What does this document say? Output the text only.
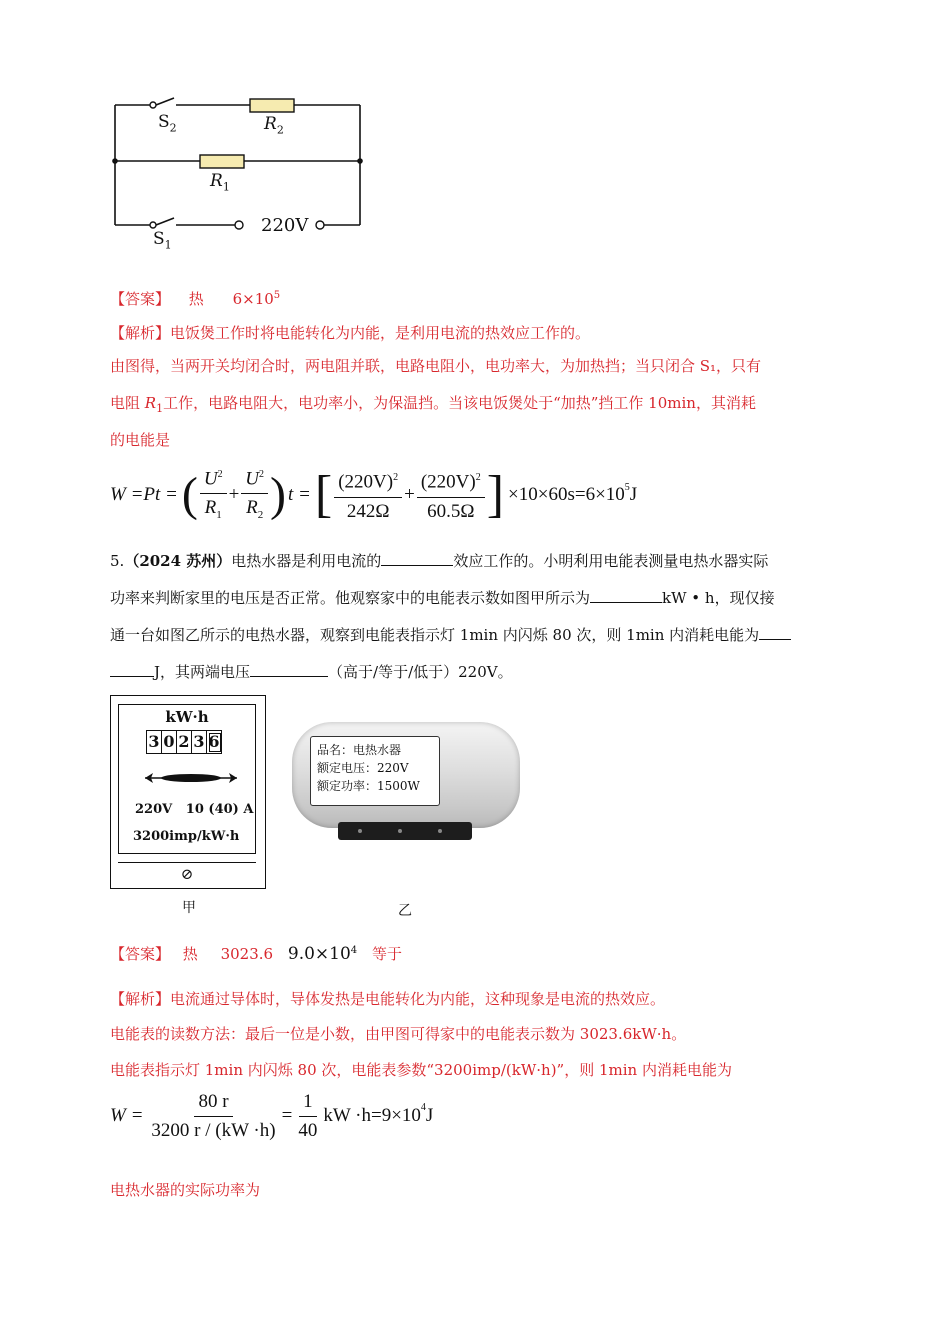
$S_2$	$R_2$
$R_1$
$S_1$
220V
【答案】 热 $6\times 10^5$
【解析】电饭煲工作时将电能转化为内能，是利用电流的热效应工作的。
由图得，当两开关均闭合时，两电阻并联，电路电阻小，电功率大，为加热挡；当只闭合 S₁，只有
电阻 $R_1$工作，电路电阻大，电功率小，为保温挡。当该电饭煲处于“加热”挡工作 10min，其消耗
的电能是
W =Pt = ( $\frac{U^2}{R_1} + \frac{U^2}{R_2}$ ) t = [ $\frac{(220V)^2}{242\Omega} + \frac{(220V)^2}{60.5\Omega}$ ] $\times 10\times 60s=6\times 10^5$ J
5.（2024 苏州）电热水器是利用电流的	效应工作的。小明利用电能表测量电热水器实际
功率来判断家里的电压是否正常。他观察家中的电能表示数如图甲所示为	kW • h，现仅接
通一台如图乙所示的电热水器，观察到电能表指示灯 1min 内闪烁 80 次，则 1min 内消耗电能为
J，其两端电压	（高于/等于/低于）220V。
kW·h
3 0 2 3 6
220V   10 (40) A
3200imp/kW·h
⊘
甲
品名：电热水器
额定电压：220V
额定功率：1500W
乙
【答案】 热 3023.6 $9.0\times 10^4$ 等于
【解析】电流通过导体时，导体发热是电能转化为内能，这种现象是电流的热效应。
电能表的读数方法：最后一位是小数，由甲图可得家中的电能表示数为 3023.6kW·h。
电能表指示灯 1min 内闪烁 80 次，电能表参数“3200imp/(kW·h)”，则 1min 内消耗电能为
$W = \frac{80 r}{3200 r / (kW \cdot h)} = \frac{1}{40}$ kW $\cdot h=9\times 10^4$ J
电热水器的实际功率为
